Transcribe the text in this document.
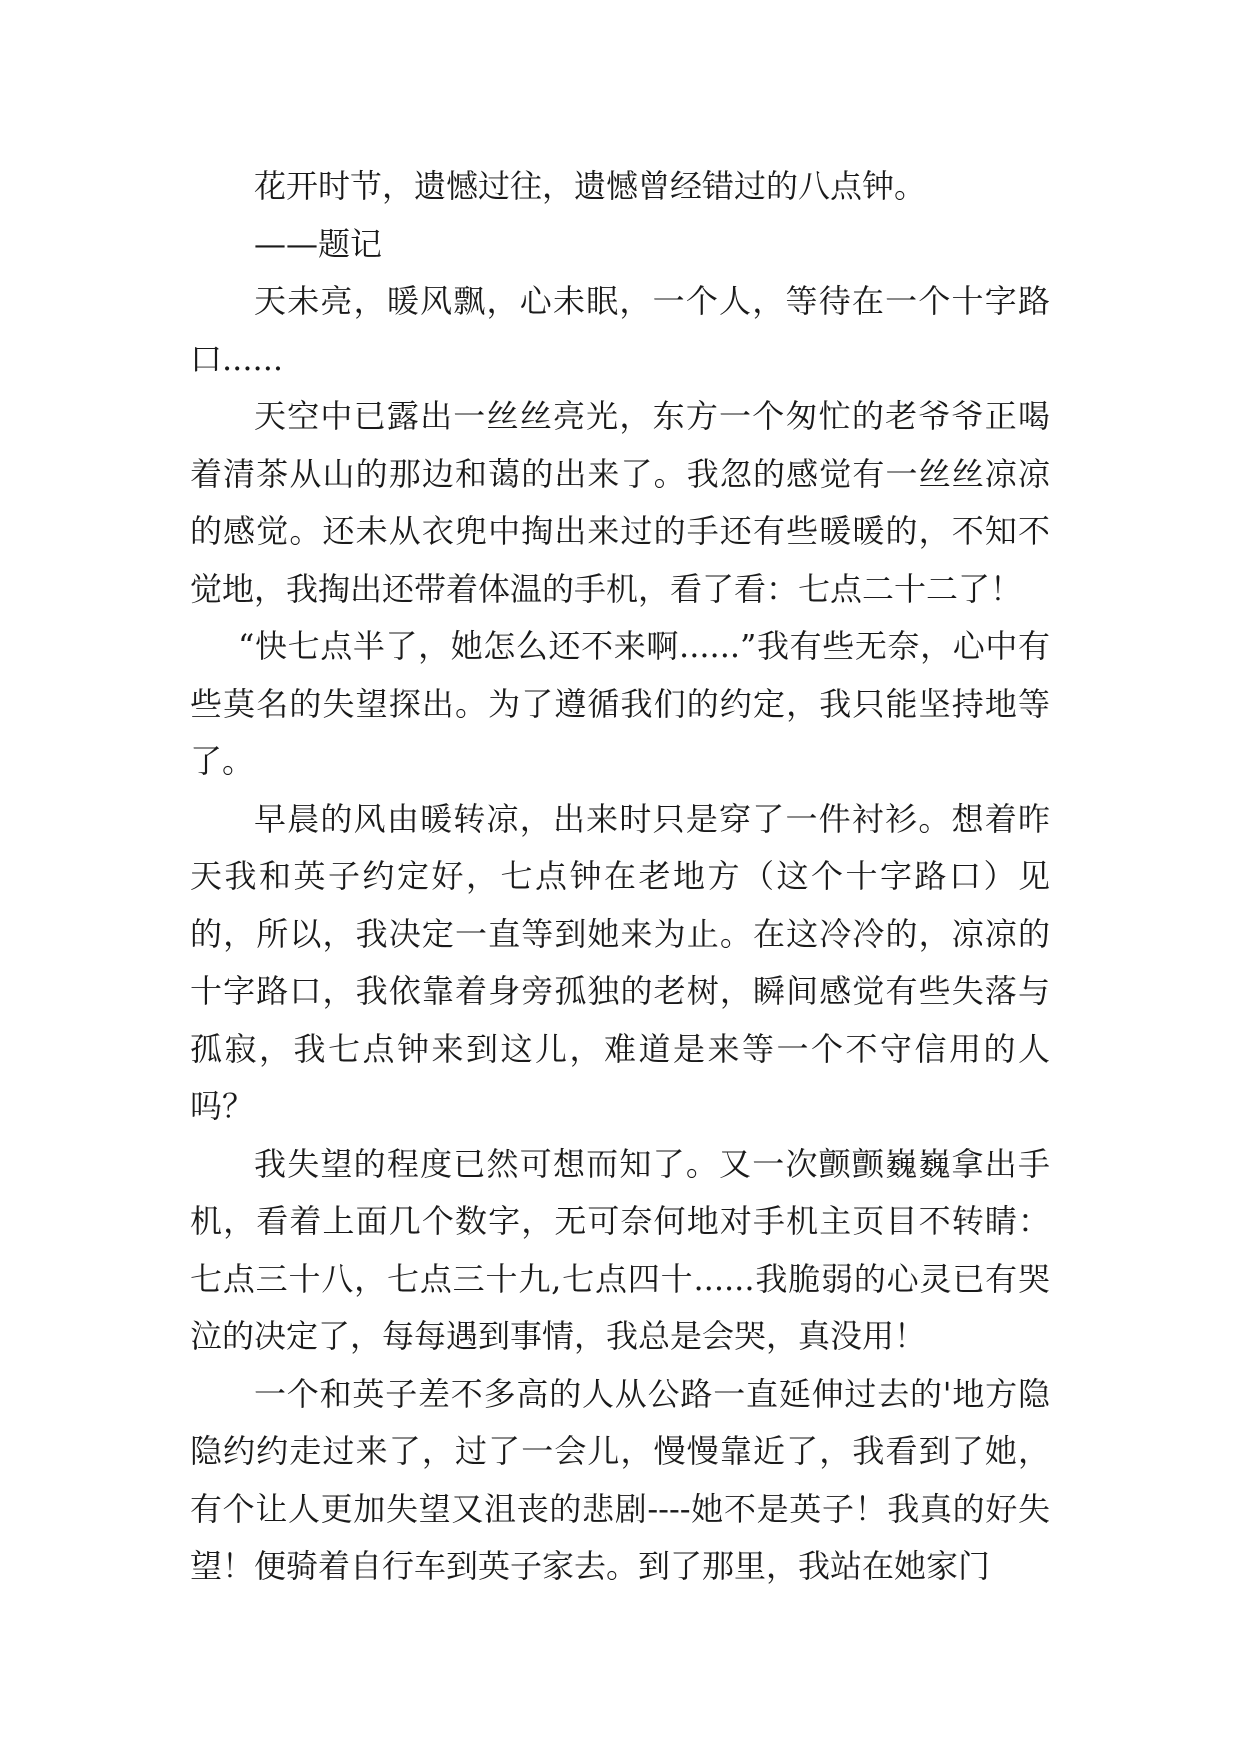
花开时节，遗憾过往，遗憾曾经错过的八点钟。

——题记

天未亮，暖风飘，心未眠，一个人，等待在一个十字路口......

天空中已露出一丝丝亮光，东方一个匆忙的老爷爷正喝着清茶从山的那边和蔼的出来了。我忽的感觉有一丝丝凉凉的感觉。还未从衣兜中掏出来过的手还有些暖暖的，不知不觉地，我掏出还带着体温的手机，看了看：七点二十二了！

“快七点半了，她怎么还不来啊......”我有些无奈，心中有些莫名的失望探出。为了遵循我们的约定，我只能坚持地等了。

早晨的风由暖转凉，出来时只是穿了一件衬衫。想着昨天我和英子约定好，七点钟在老地方（这个十字路口）见的，所以，我决定一直等到她来为止。在这冷冷的，凉凉的十字路口，我依靠着身旁孤独的老树，瞬间感觉有些失落与孤寂，我七点钟来到这儿，难道是来等一个不守信用的人吗？

我失望的程度已然可想而知了。又一次颤颤巍巍拿出手机，看着上面几个数字，无可奈何地对手机主页目不转睛：七点三十八，七点三十九,七点四十......我脆弱的心灵已有哭泣的决定了，每每遇到事情，我总是会哭，真没用！

一个和英子差不多高的人从公路一直延伸过去的'地方隐隐约约走过来了，过了一会儿，慢慢靠近了，我看到了她，有个让人更加失望又沮丧的悲剧----她不是英子！我真的好失望！便骑着自行车到英子家去。到了那里，我站在她家门
